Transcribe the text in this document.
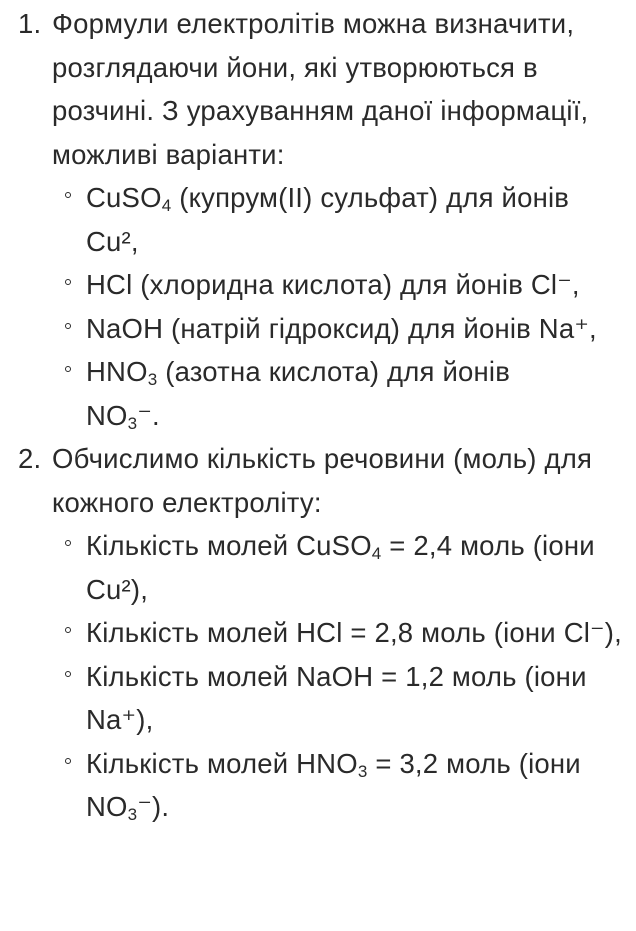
1. Формули електролітів можна визначити, розглядаючи йони, які утворюються в розчині. З урахуванням даної інформації, можливі варіанти:
CuSO$_4$ (купрум(II) сульфат) для йонів Cu²,
HCl (хлоридна кислота) для йонів Cl⁻,
NaOH (натрій гідроксид) для йонів Na⁺,
$HNO_3$ (азотна кислота) для йонів
$NO_3^-$.
2. Обчислимо кількість речовини (моль) для кожного електроліту:
Кількість молей CuSO$_4$ = 2,4 моль (іони Cu²),
Кількість молей HCl = 2,8 моль (іони Cl⁻),
Кількість молей NaOH = 1,2 моль (іони Na⁺),
Кількість молей $HNO_3 = 3,2$ моль (іони
$NO_3^-$).
